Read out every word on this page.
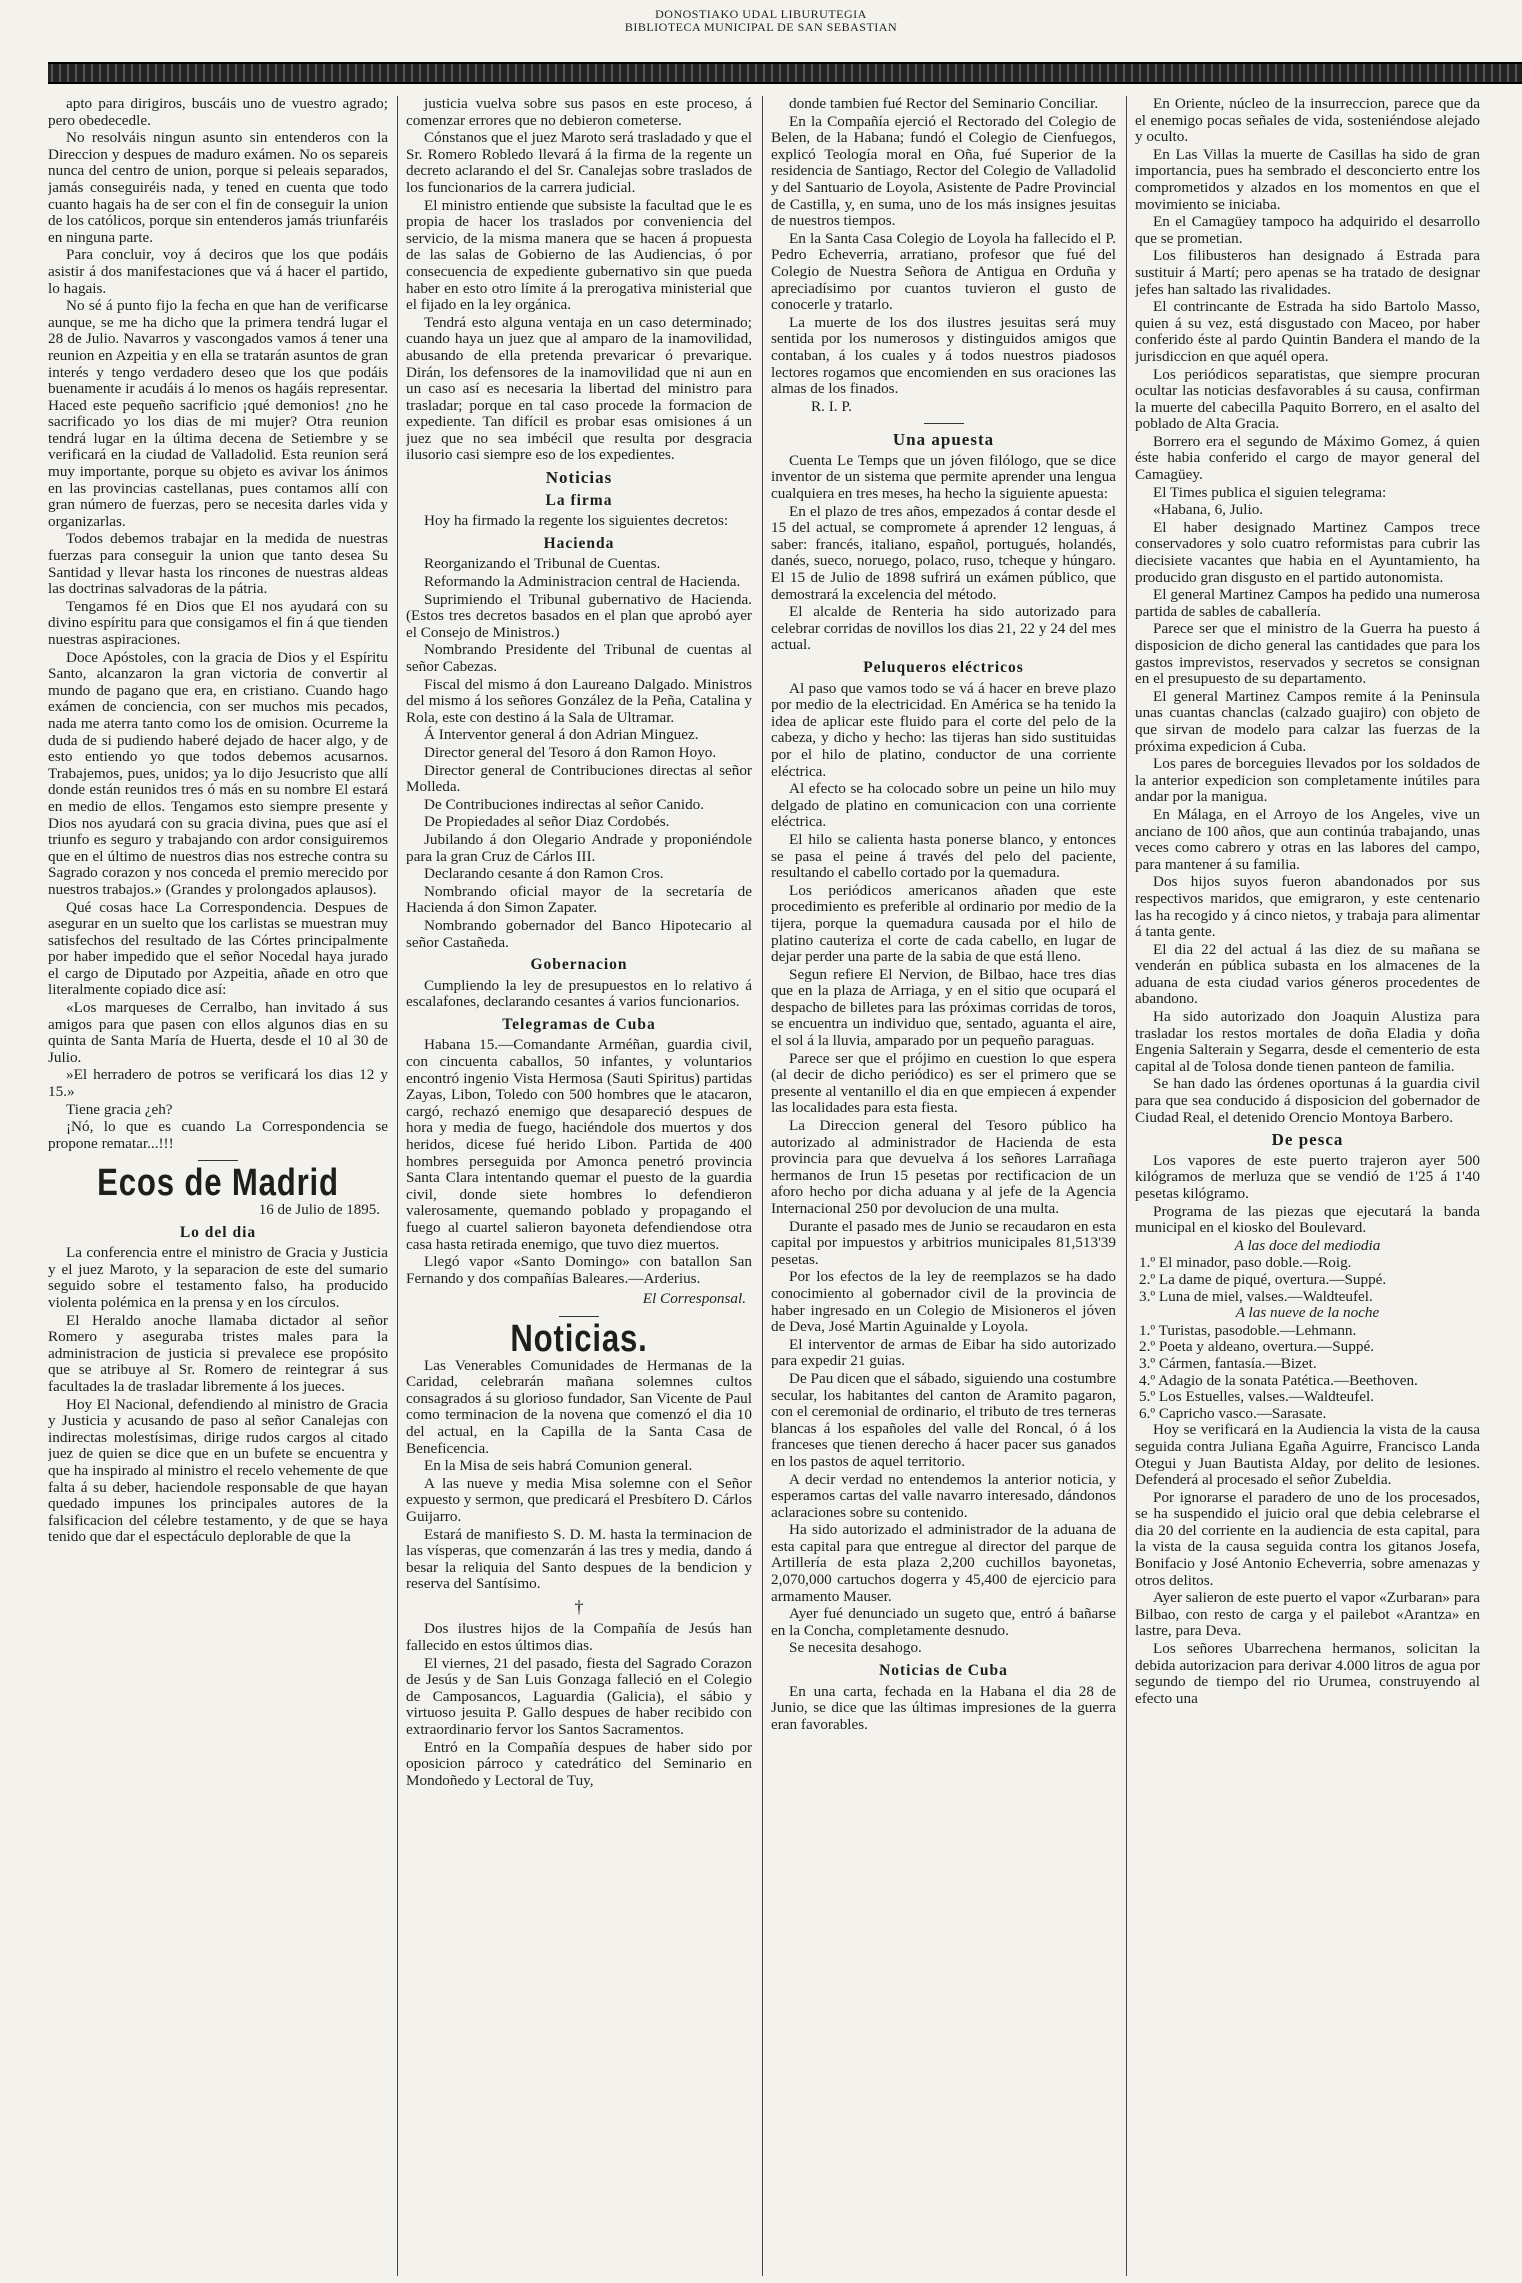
DONOSTIAKO UDAL LIBURUTEGIA
BIBLIOTECA MUNICIPAL DE SAN SEBASTIAN

apto para dirigiros, buscáis uno de vuestro agrado; pero obedecedle.

No resolváis ningun asunto sin entenderos con la Direccion y despues de maduro exámen. No os separeis nunca del centro de union, porque si peleais separados, jamás conseguiréis nada, y tened en cuenta que todo cuanto hagais ha de ser con el fin de conseguir la union de los católicos, porque sin entenderos jamás triunfaréis en ninguna parte.

Para concluir, voy á deciros que los que podáis asistir á dos manifestaciones que vá á hacer el partido, lo hagais.

No sé á punto fijo la fecha en que han de verificarse aunque, se me ha dicho que la primera tendrá lugar el 28 de Julio. Navarros y vascongados vamos á tener una reunion en Azpeitia y en ella se tratarán asuntos de gran interés y tengo verdadero deseo que los que podáis buenamente ir acudáis á lo menos os hagáis representar. Haced este pequeño sacrificio ¡qué demonios! ¿no he sacrificado yo los dias de mi mujer? Otra reunion tendrá lugar en la última decena de Setiembre y se verificará en la ciudad de Valladolid. Esta reunion será muy importante, porque su objeto es avivar los ánimos en las provincias castellanas, pues contamos allí con gran número de fuerzas, pero se necesita darles vida y organizarlas.

Todos debemos trabajar en la medida de nuestras fuerzas para conseguir la union que tanto desea Su Santidad y llevar hasta los rincones de nuestras aldeas las doctrinas salvadoras de la pátria.

Tengamos fé en Dios que El nos ayudará con su divino espíritu para que consigamos el fin á que tienden nuestras aspiraciones.

Doce Apóstoles, con la gracia de Dios y el Espíritu Santo, alcanzaron la gran victoria de convertir al mundo de pagano que era, en cristiano. Cuando hago exámen de conciencia, con ser muchos mis pecados, nada me aterra tanto como los de omision. Ocurreme la duda de si pudiendo haberé dejado de hacer algo, y de esto entiendo yo que todos debemos acusarnos. Trabajemos, pues, unidos; ya lo dijo Jesucristo que allí donde están reunidos tres ó más en su nombre El estará en medio de ellos. Tengamos esto siempre presente y Dios nos ayudará con su gracia divina, pues que así el triunfo es seguro y trabajando con ardor consiguiremos que en el último de nuestros dias nos estreche contra su Sagrado corazon y nos conceda el premio merecido por nuestros trabajos.» (Grandes y prolongados aplausos).

Qué cosas hace La Correspondencia. Despues de asegurar en un suelto que los carlistas se muestran muy satisfechos del resultado de las Córtes principalmente por haber impedido que el señor Nocedal haya jurado el cargo de Diputado por Azpeitia, añade en otro que literalmente copiado dice así:

«Los marqueses de Cerralbo, han invitado á sus amigos para que pasen con ellos algunos dias en su quinta de Santa María de Huerta, desde el 10 al 30 de Julio.

»El herradero de potros se verificará los dias 12 y 15.»

Tiene gracia ¿eh?

¡Nó, lo que es cuando La Correspondencia se propone rematar...!!!

Ecos de Madrid
16 de Julio de 1895.
Lo del dia

La conferencia entre el ministro de Gracia y Justicia y el juez Maroto, y la separacion de este del sumario seguido sobre el testamento falso, ha producido violenta polémica en la prensa y en los círculos.

El Heraldo anoche llamaba dictador al señor Romero y aseguraba tristes males para la administracion de justicia si prevalece ese propósito que se atribuye al Sr. Romero de reintegrar á sus facultades la de trasladar libremente á los jueces.

Hoy El Nacional, defendiendo al ministro de Gracia y Justicia y acusando de paso al señor Canalejas con indirectas molestísimas, dirige rudos cargos al citado juez de quien se dice que en un bufete se encuentra y que ha inspirado al ministro el recelo vehemente de que falta á su deber, haciendole responsable de que hayan quedado impunes los principales autores de la falsificacion del célebre testamento, y de que se haya tenido que dar el espectáculo deplorable de que la

justicia vuelva sobre sus pasos en este proceso, á comenzar errores que no debieron cometerse.

Cónstanos que el juez Maroto será trasladado y que el Sr. Romero Robledo llevará á la firma de la regente un decreto aclarando el del Sr. Canalejas sobre traslados de los funcionarios de la carrera judicial.

El ministro entiende que subsiste la facultad que le es propia de hacer los traslados por conveniencia del servicio, de la misma manera que se hacen á propuesta de las salas de Gobierno de las Audiencias, ó por consecuencia de expediente gubernativo sin que pueda haber en esto otro límite á la prerogativa ministerial que el fijado en la ley orgánica.

Tendrá esto alguna ventaja en un caso determinado; cuando haya un juez que al amparo de la inamovilidad, abusando de ella pretenda prevaricar ó prevarique. Dirán, los defensores de la inamovilidad que ni aun en un caso así es necesaria la libertad del ministro para trasladar; porque en tal caso procede la formacion de expediente. Tan difícil es probar esas omisiones á un juez que no sea imbécil que resulta por desgracia ilusorio casi siempre eso de los expedientes.

Noticias
La firma

Hoy ha firmado la regente los siguientes decretos:

Hacienda

Reorganizando el Tribunal de Cuentas.

Reformando la Administracion central de Hacienda.

Suprimiendo el Tribunal gubernativo de Hacienda. (Estos tres decretos basados en el plan que aprobó ayer el Consejo de Ministros.)

Nombrando Presidente del Tribunal de cuentas al señor Cabezas.

Fiscal del mismo á don Laureano Dalgado. Ministros del mismo á los señores González de la Peña, Catalina y Rola, este con destino á la Sala de Ultramar.

Á Interventor general á don Adrian Minguez.

Director general del Tesoro á don Ramon Hoyo.

Director general de Contribuciones directas al señor Molleda.

De Contribuciones indirectas al señor Canido.

De Propiedades al señor Diaz Cordobés.

Jubilando á don Olegario Andrade y proponiéndole para la gran Cruz de Cárlos III.

Declarando cesante á don Ramon Cros.

Nombrando oficial mayor de la secretaría de Hacienda á don Simon Zapater.

Nombrando gobernador del Banco Hipotecario al señor Castañeda.

Gobernacion

Cumpliendo la ley de presupuestos en lo relativo á escalafones, declarando cesantes á varios funcionarios.

Telegramas de Cuba

Habana 15.—Comandante Arméñan, guardia civil, con cincuenta caballos, 50 infantes, y voluntarios encontró ingenio Vista Hermosa (Sauti Spiritus) partidas Zayas, Libon, Toledo con 500 hombres que le atacaron, cargó, rechazó enemigo que desapareció despues de hora y media de fuego, haciéndole dos muertos y dos heridos, dicese fué herido Libon. Partida de 400 hombres perseguida por Amonca penetró provincia Santa Clara intentando quemar el puesto de la guardia civil, donde siete hombres lo defendieron valerosamente, quemando poblado y propagando el fuego al cuartel salieron bayoneta defendiendose otra casa hasta retirada enemigo, que tuvo diez muertos.

Llegó vapor «Santo Domingo» con batallon San Fernando y dos compañías Baleares.—Arderius.

El Corresponsal.
Noticias.

Las Venerables Comunidades de Hermanas de la Caridad, celebrarán mañana solemnes cultos consagrados á su glorioso fundador, San Vicente de Paul como terminacion de la novena que comenzó el dia 10 del actual, en la Capilla de la Santa Casa de Beneficencia.

En la Misa de seis habrá Comunion general.

A las nueve y media Misa solemne con el Señor expuesto y sermon, que predicará el Presbítero D. Cárlos Guijarro.

Estará de manifiesto S. D. M. hasta la terminacion de las vísperas, que comenzarán á las tres y media, dando á besar la reliquia del Santo despues de la bendicion y reserva del Santísimo.

†

Dos ilustres hijos de la Compañía de Jesús han fallecido en estos últimos dias.

El viernes, 21 del pasado, fiesta del Sagrado Corazon de Jesús y de San Luis Gonzaga falleció en el Colegio de Camposancos, Laguardia (Galicia), el sábio y virtuoso jesuita P. Gallo despues de haber recibido con extraordinario fervor los Santos Sacramentos.

Entró en la Compañía despues de haber sido por oposicion párroco y catedrático del Seminario en Mondoñedo y Lectoral de Tuy,

donde tambien fué Rector del Seminario Conciliar.

En la Compañía ejerció el Rectorado del Colegio de Belen, de la Habana; fundó el Colegio de Cienfuegos, explicó Teología moral en Oña, fué Superior de la residencia de Santiago, Rector del Colegio de Valladolid y del Santuario de Loyola, Asistente de Padre Provincial de Castilla, y, en suma, uno de los más insignes jesuitas de nuestros tiempos.

En la Santa Casa Colegio de Loyola ha fallecido el P. Pedro Echeverria, arratiano, profesor que fué del Colegio de Nuestra Señora de Antigua en Orduña y apreciadísimo por cuantos tuvieron el gusto de conocerle y tratarlo.

La muerte de los dos ilustres jesuitas será muy sentida por los numerosos y distinguidos amigos que contaban, á los cuales y á todos nuestros piadosos lectores rogamos que encomienden en sus oraciones las almas de los finados.

R. I. P.

Una apuesta

Cuenta Le Temps que un jóven filólogo, que se dice inventor de un sistema que permite aprender una lengua cualquiera en tres meses, ha hecho la siguiente apuesta:

En el plazo de tres años, empezados á contar desde el 15 del actual, se compromete á aprender 12 lenguas, á saber: francés, italiano, español, portugués, holandés, danés, sueco, noruego, polaco, ruso, tcheque y húngaro. El 15 de Julio de 1898 sufrirá un exámen público, que demostrará la excelencia del método.

El alcalde de Renteria ha sido autorizado para celebrar corridas de novillos los dias 21, 22 y 24 del mes actual.

Peluqueros eléctricos

Al paso que vamos todo se vá á hacer en breve plazo por medio de la electricidad. En América se ha tenido la idea de aplicar este fluido para el corte del pelo de la cabeza, y dicho y hecho: las tijeras han sido sustituidas por el hilo de platino, conductor de una corriente eléctrica.

Al efecto se ha colocado sobre un peine un hilo muy delgado de platino en comunicacion con una corriente eléctrica.

El hilo se calienta hasta ponerse blanco, y entonces se pasa el peine á través del pelo del paciente, resultando el cabello cortado por la quemadura.

Los periódicos americanos añaden que este procedimiento es preferible al ordinario por medio de la tijera, porque la quemadura causada por el hilo de platino cauteriza el corte de cada cabello, en lugar de dejar perder una parte de la sabia de que está lleno.

Segun refiere El Nervion, de Bilbao, hace tres dias que en la plaza de Arriaga, y en el sitio que ocupará el despacho de billetes para las próximas corridas de toros, se encuentra un individuo que, sentado, aguanta el aire, el sol á la lluvia, amparado por un pequeño paraguas.

Parece ser que el prójimo en cuestion lo que espera (al decir de dicho periódico) es ser el primero que se presente al ventanillo el dia en que empiecen á expender las localidades para esta fiesta.

La Direccion general del Tesoro público ha autorizado al administrador de Hacienda de esta provincia para que devuelva á los señores Larrañaga hermanos de Irun 15 pesetas por rectificacion de un aforo hecho por dicha aduana y al jefe de la Agencia Internacional 250 por devolucion de una multa.

Durante el pasado mes de Junio se recaudaron en esta capital por impuestos y arbitrios municipales 81,513'39 pesetas.

Por los efectos de la ley de reemplazos se ha dado conocimiento al gobernador civil de la provincia de haber ingresado en un Colegio de Misioneros el jóven de Deva, José Martin Aguinalde y Loyola.

El interventor de armas de Eibar ha sido autorizado para expedir 21 guias.

De Pau dicen que el sábado, siguiendo una costumbre secular, los habitantes del canton de Aramito pagaron, con el ceremonial de ordinario, el tributo de tres terneras blancas á los españoles del valle del Roncal, ó á los franceses que tienen derecho á hacer pacer sus ganados en los pastos de aquel territorio.

A decir verdad no entendemos la anterior noticia, y esperamos cartas del valle navarro interesado, dándonos aclaraciones sobre su contenido.

Ha sido autorizado el administrador de la aduana de esta capital para que entregue al director del parque de Artillería de esta plaza 2,200 cuchillos bayonetas, 2,070,000 cartuchos dogerra y 45,400 de ejercicio para armamento Mauser.

Ayer fué denunciado un sugeto que, entró á bañarse en la Concha, completamente desnudo.

Se necesita desahogo.

Noticias de Cuba

En una carta, fechada en la Habana el dia 28 de Junio, se dice que las últimas impresiones de la guerra eran favorables.

En Oriente, núcleo de la insurreccion, parece que da el enemigo pocas señales de vida, sosteniéndose alejado y oculto.

En Las Villas la muerte de Casillas ha sido de gran importancia, pues ha sembrado el desconcierto entre los comprometidos y alzados en los momentos en que el movimiento se iniciaba.

En el Camagüey tampoco ha adquirido el desarrollo que se prometian.

Los filibusteros han designado á Estrada para sustituir á Martí; pero apenas se ha tratado de designar jefes han saltado las rivalidades.

El contrincante de Estrada ha sido Bartolo Masso, quien á su vez, está disgustado con Maceo, por haber conferido éste al pardo Quintin Bandera el mando de la jurisdiccion en que aquél opera.

Los periódicos separatistas, que siempre procuran ocultar las noticias desfavorables á su causa, confirman la muerte del cabecilla Paquito Borrero, en el asalto del poblado de Alta Gracia.

Borrero era el segundo de Máximo Gomez, á quien éste habia conferido el cargo de mayor general del Camagüey.

El Times publica el siguien telegrama:

«Habana, 6, Julio.

El haber designado Martinez Campos trece conservadores y solo cuatro reformistas para cubrir las diecisiete vacantes que habia en el Ayuntamiento, ha producido gran disgusto en el partido autonomista.

El general Martinez Campos ha pedido una numerosa partida de sables de caballería.

Parece ser que el ministro de la Guerra ha puesto á disposicion de dicho general las cantidades que para los gastos imprevistos, reservados y secretos se consignan en el presupuesto de su departamento.

El general Martinez Campos remite á la Peninsula unas cuantas chanclas (calzado guajiro) con objeto de que sirvan de modelo para calzar las fuerzas de la próxima expedicion á Cuba.

Los pares de borceguies llevados por los soldados de la anterior expedicion son completamente inútiles para andar por la manigua.

En Málaga, en el Arroyo de los Angeles, vive un anciano de 100 años, que aun continúa trabajando, unas veces como cabrero y otras en las labores del campo, para mantener á su familia.

Dos hijos suyos fueron abandonados por sus respectivos maridos, que emigraron, y este centenario las ha recogido y á cinco nietos, y trabaja para alimentar á tanta gente.

El dia 22 del actual á las diez de su mañana se venderán en pública subasta en los almacenes de la aduana de esta ciudad varios géneros procedentes de abandono.

Ha sido autorizado don Joaquin Alustiza para trasladar los restos mortales de doña Eladia y doña Engenia Salterain y Segarra, desde el cementerio de esta capital al de Tolosa donde tienen panteon de familia.

Se han dado las órdenes oportunas á la guardia civil para que sea conducido á disposicion del gobernador de Ciudad Real, el detenido Orencio Montoya Barbero.

De pesca

Los vapores de este puerto trajeron ayer 500 kilógramos de merluza que se vendió de 1'25 á 1'40 pesetas kilógramo.

Programa de las piezas que ejecutará la banda municipal en el kiosko del Boulevard.

A las doce del mediodia

1.º El minador, paso doble.—Roig.
2.º La dame de piqué, overtura.—Suppé.
3.º Luna de miel, valses.—Waldteufel.

A las nueve de la noche

1.º Turistas, pasodoble.—Lehmann.
2.º Poeta y aldeano, overtura.—Suppé.
3.º Cármen, fantasía.—Bizet.
4.º Adagio de la sonata Patética.—Beethoven.
5.º Los Estuelles, valses.—Waldteufel.
6.º Capricho vasco.—Sarasate.

Hoy se verificará en la Audiencia la vista de la causa seguida contra Juliana Egaña Aguirre, Francisco Landa Otegui y Juan Bautista Alday, por delito de lesiones. Defenderá al procesado el señor Zubeldia.

Por ignorarse el paradero de uno de los procesados, se ha suspendido el juicio oral que debia celebrarse el dia 20 del corriente en la audiencia de esta capital, para la vista de la causa seguida contra los gitanos Josefa, Bonifacio y José Antonio Echeverria, sobre amenazas y otros delitos.

Ayer salieron de este puerto el vapor «Zurbaran» para Bilbao, con resto de carga y el pailebot «Arantza» en lastre, para Deva.

Los señores Ubarrechena hermanos, solicitan la debida autorizacion para derivar 4.000 litros de agua por segundo de tiempo del rio Urumea, construyendo al efecto una
